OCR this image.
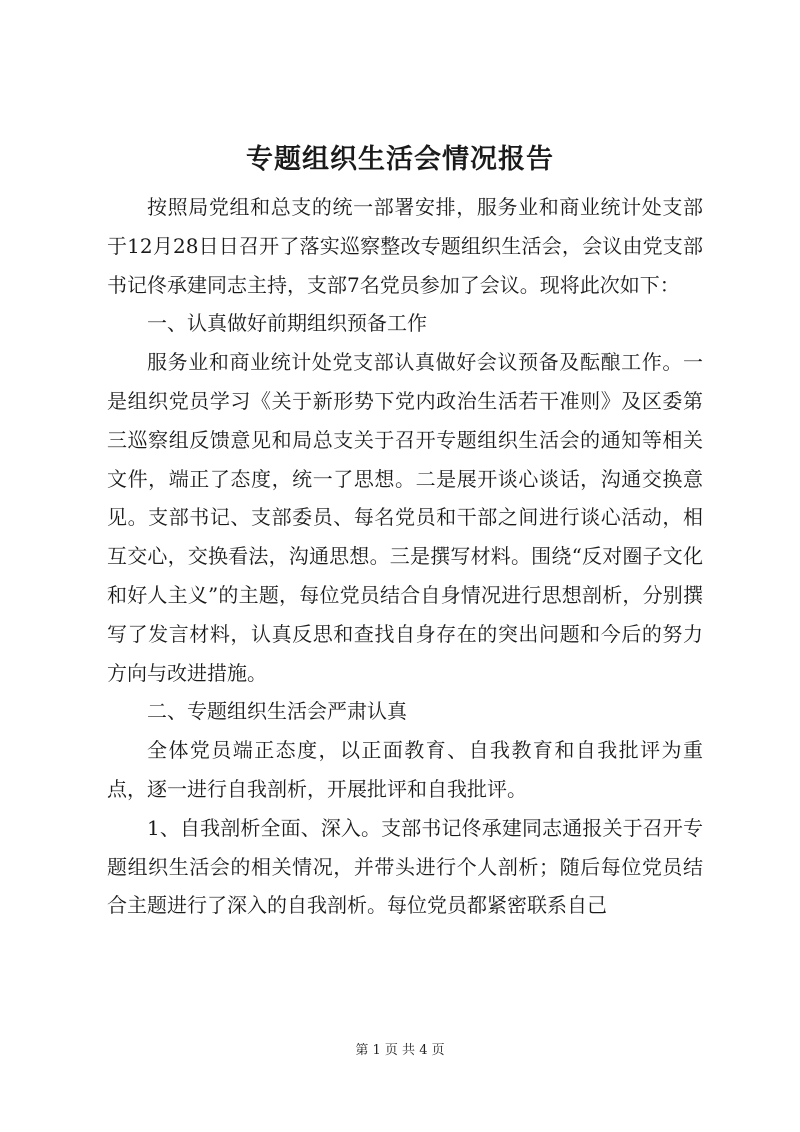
专题组织生活会情况报告

按照局党组和总支的统一部署安排，服务业和商业统计处支部于12月28日日召开了落实巡察整改专题组织生活会，会议由党支部书记佟承建同志主持，支部7名党员参加了会议。现将此次如下：

一、认真做好前期组织预备工作

服务业和商业统计处党支部认真做好会议预备及酝酿工作。一是组织党员学习《关于新形势下党内政治生活若干准则》及区委第三巡察组反馈意见和局总支关于召开专题组织生活会的通知等相关文件，端正了态度，统一了思想。二是展开谈心谈话，沟通交换意见。支部书记、支部委员、每名党员和干部之间进行谈心活动，相互交心，交换看法，沟通思想。三是撰写材料。围绕“反对圈子文化和好人主义”的主题，每位党员结合自身情况进行思想剖析，分别撰写了发言材料，认真反思和查找自身存在的突出问题和今后的努力方向与改进措施。

二、专题组织生活会严肃认真

全体党员端正态度，以正面教育、自我教育和自我批评为重点，逐一进行自我剖析，开展批评和自我批评。

1、自我剖析全面、深入。支部书记佟承建同志通报关于召开专题组织生活会的相关情况，并带头进行个人剖析；随后每位党员结合主题进行了深入的自我剖析。每位党员都紧密联系自己

第 1 页 共 4 页
